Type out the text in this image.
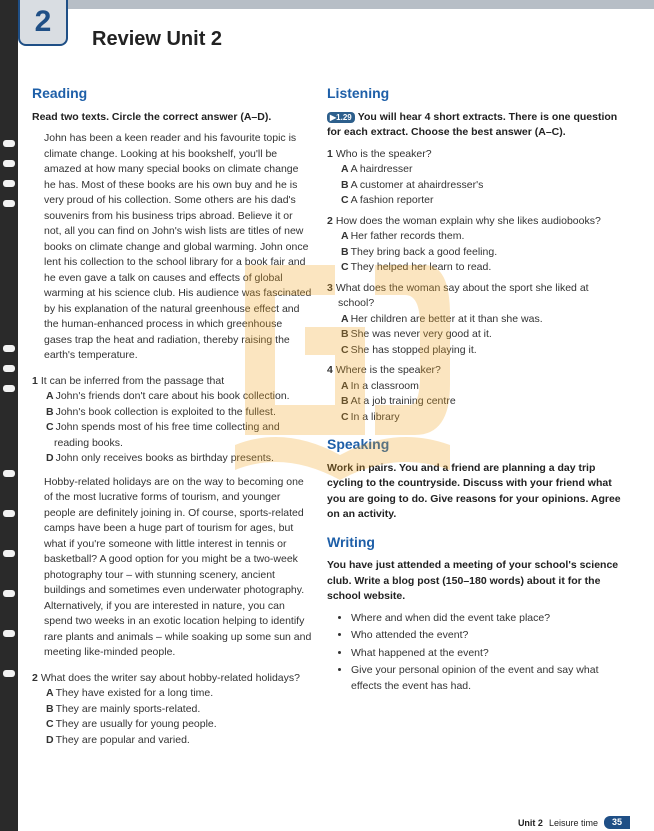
2
Review Unit 2
Reading

Read two texts. Circle the correct answer (A–D).

John has been a keen reader and his favourite topic is climate change. Looking at his bookshelf, you'll be amazed at how many special books on climate change he has. Most of these books are his own buy and he is very proud of his collection. Some others are his dad's souvenirs from his business trips abroad. Believe it or not, all you can find on John's wish lists are titles of new books on climate change and global warming. John once lent his collection to the school library for a book fair and he even gave a talk on causes and effects of global warming at his science club. His audience was fascinated by his explanation of the natural greenhouse effect and the human-enhanced process in which greenhouse gases trap the heat and radiation, thereby raising the earth's temperature.

1 It can be inferred from the passage that

A John's friends don't care about his book collection.

B John's book collection is exploited to the fullest.

C John spends most of his free time collecting and reading books.

D John only receives books as birthday presents.

Hobby-related holidays are on the way to becoming one of the most lucrative forms of tourism, and younger people are definitely joining in. Of course, sports-related camps have been a huge part of tourism for ages, but what if you're someone with little interest in tennis or basketball? A good option for you might be a two-week photography tour – with stunning scenery, ancient buildings and sometimes even underwater photography. Alternatively, if you are interested in nature, you can spend two weeks in an exotic location helping to identify rare plants and animals – while soaking up some sun and meeting like-minded people.

2 What does the writer say about hobby-related holidays?

A They have existed for a long time.

B They are mainly sports-related.

C They are usually for young people.

D They are popular and varied.

Listening

▶1.29 You will hear 4 short extracts. There is one question for each extract. Choose the best answer (A–C).

1 Who is the speaker?

A A hairdresser

B A customer at ahairdresser's

C A fashion reporter

2 How does the woman explain why she likes audiobooks?

A Her father records them.

B They bring back a good feeling.

C They helped her learn to read.

3 What does the woman say about the sport she liked at school?

A Her children are better at it than she was.

B She was never very good at it.

C She has stopped playing it.

4 Where is the speaker?

A In a classroom

B At a job training centre

C In a library

Speaking

Work in pairs. You and a friend are planning a day trip cycling to the countryside. Discuss with your friend what you are going to do. Give reasons for your opinions. Agree on an activity.

Writing

You have just attended a meeting of your school's science club. Write a blog post (150–180 words) about it for the school website.

• Where and when did the event take place?
• Who attended the event?
• What happened at the event?
• Give your personal opinion of the event and say what effects the event has had.
Unit 2 Leisure time	35
